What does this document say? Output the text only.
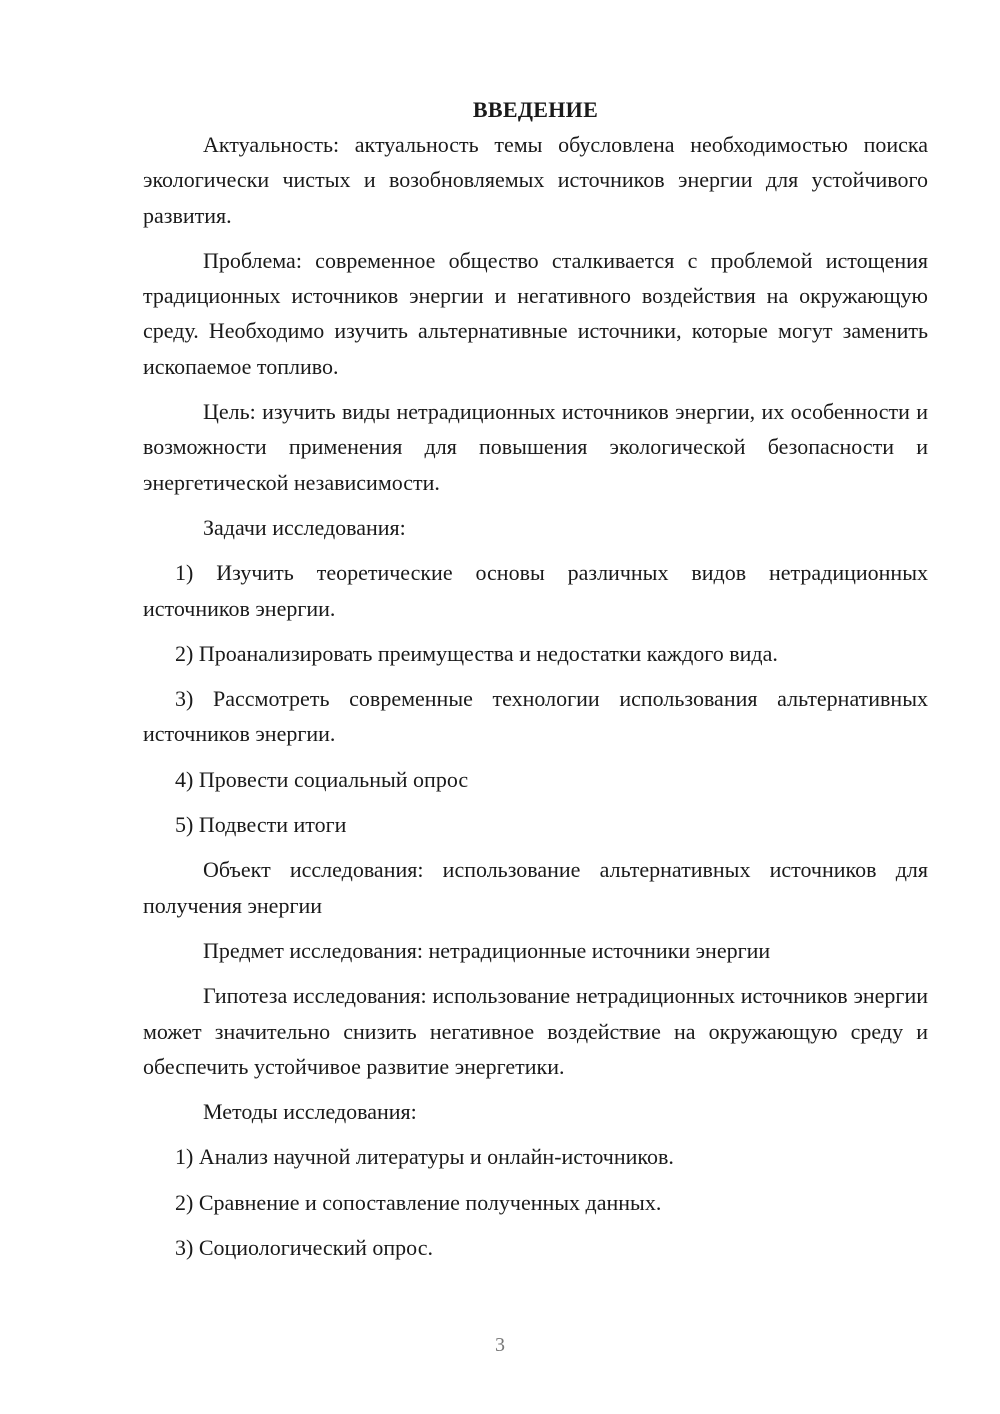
ВВЕДЕНИЕ

Актуальность: актуальность темы обусловлена необходимостью поиска экологически чистых и возобновляемых источников энергии для устойчивого развития.

Проблема: современное общество сталкивается с проблемой истощения традиционных источников энергии и негативного воздействия на окружающую среду. Необходимо изучить альтернативные источники, которые могут заменить ископаемое топливо.

Цель: изучить виды нетрадиционных источников энергии, их особенности и возможности применения для повышения экологической безопасности и энергетической независимости.

Задачи исследования:

1) Изучить теоретические основы различных видов нетрадиционных источников энергии.

2) Проанализировать преимущества и недостатки каждого вида.

3) Рассмотреть современные технологии использования альтернативных источников энергии.

4) Провести социальный опрос

5) Подвести итоги

Объект исследования: использование альтернативных источников для получения энергии

Предмет исследования: нетрадиционные источники энергии

Гипотеза исследования: использование нетрадиционных источников энергии может значительно снизить негативное воздействие на окружающую среду и обеспечить устойчивое развитие энергетики.

Методы исследования:

1) Анализ научной литературы и онлайн-источников.

2) Сравнение и сопоставление полученных данных.

3) Социологический опрос.

3
